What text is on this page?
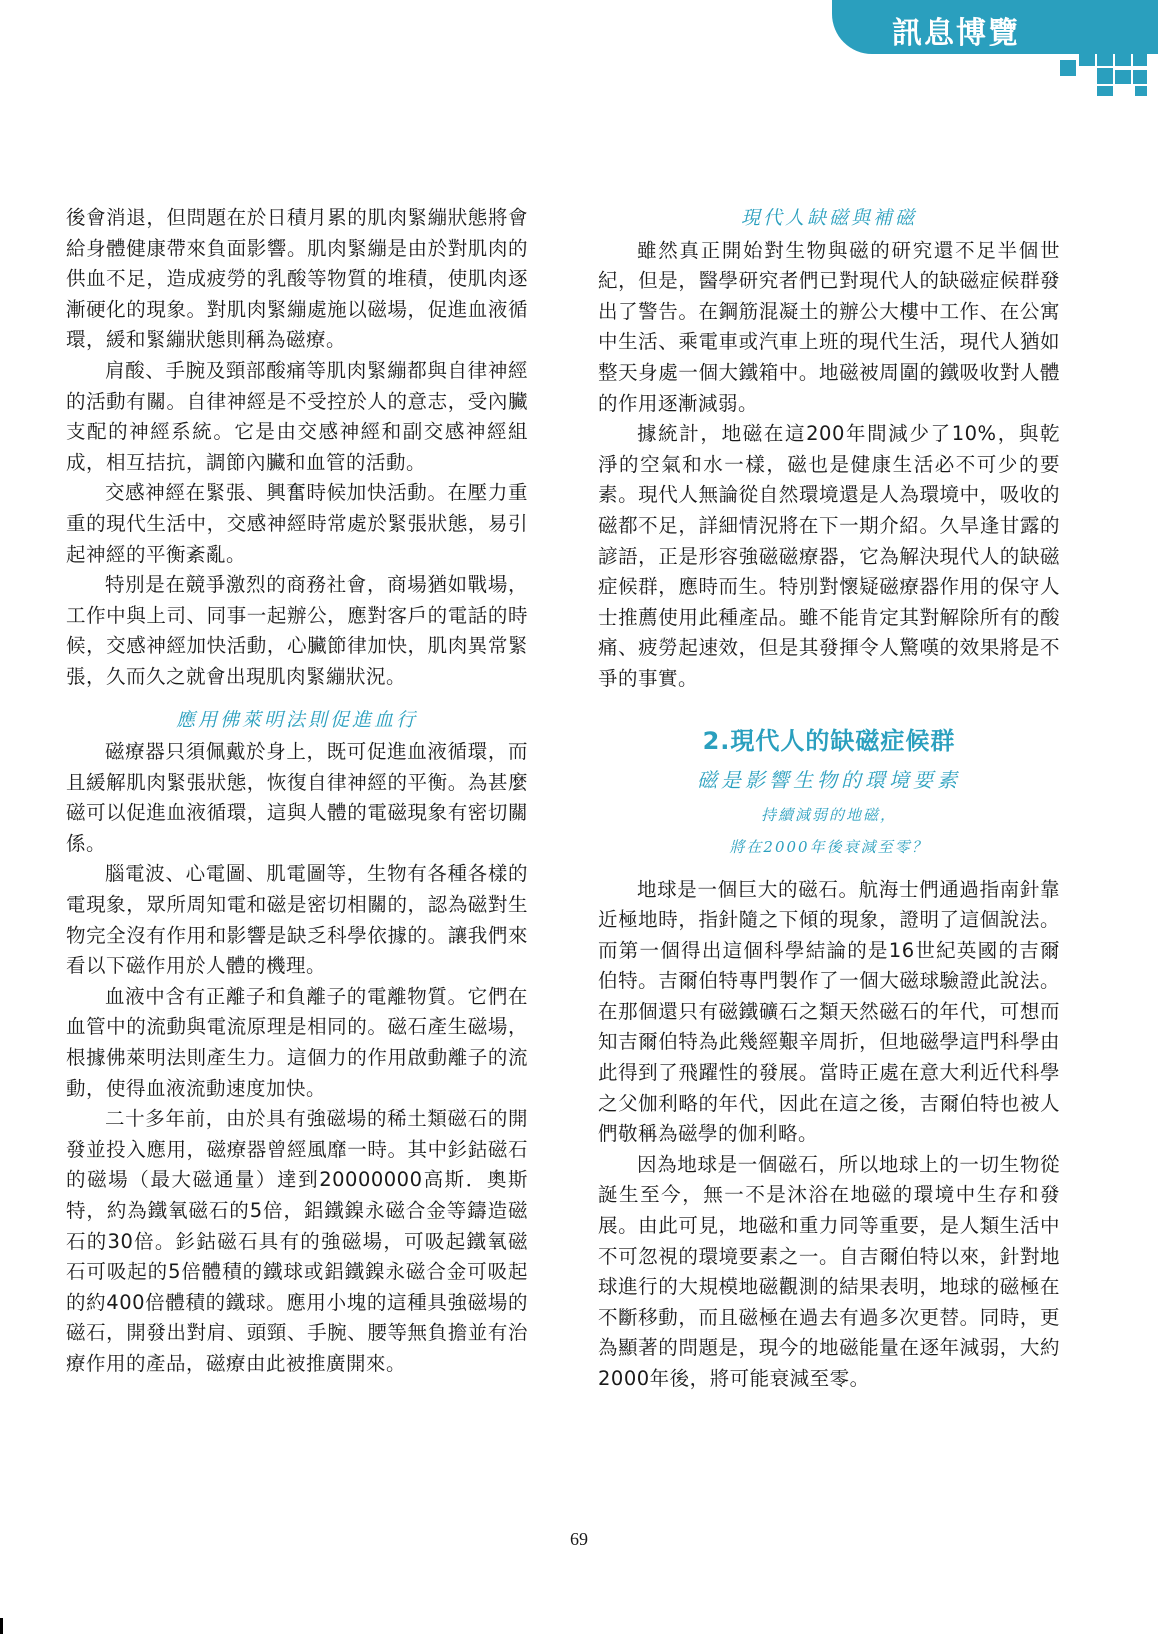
訊息博覽

後會消退，但問題在於日積月累的肌肉緊繃狀態將會給身體健康帶來負面影響。肌肉緊繃是由於對肌肉的供血不足，造成疲勞的乳酸等物質的堆積，使肌肉逐漸硬化的現象。對肌肉緊繃處施以磁場，促進血液循環，緩和緊繃狀態則稱為磁療。

肩酸、手腕及頸部酸痛等肌肉緊繃都與自律神經的活動有關。自律神經是不受控於人的意志，受內臟支配的神經系統。它是由交感神經和副交感神經組成，相互拮抗，調節內臟和血管的活動。

交感神經在緊張、興奮時候加快活動。在壓力重重的現代生活中，交感神經時常處於緊張狀態，易引起神經的平衡紊亂。

特別是在競爭激烈的商務社會，商場猶如戰場，工作中與上司、同事一起辦公，應對客戶的電話的時候，交感神經加快活動，心臟節律加快，肌肉異常緊張，久而久之就會出現肌肉緊繃狀況。

應用佛萊明法則促進血行

磁療器只須佩戴於身上，既可促進血液循環，而且緩解肌肉緊張狀態，恢復自律神經的平衡。為甚麼磁可以促進血液循環，這與人體的電磁現象有密切關係。

腦電波、心電圖、肌電圖等，生物有各種各樣的電現象，眾所周知電和磁是密切相關的，認為磁對生物完全沒有作用和影響是缺乏科學依據的。讓我們來看以下磁作用於人體的機理。

血液中含有正離子和負離子的電離物質。它們在血管中的流動與電流原理是相同的。磁石產生磁場，根據佛萊明法則產生力。這個力的作用啟動離子的流動，使得血液流動速度加快。

二十多年前，由於具有強磁場的稀土類磁石的開發並投入應用，磁療器曾經風靡一時。其中釤鈷磁石的磁場（最大磁通量）達到20000000高斯．奧斯特，約為鐵氧磁石的5倍，鋁鐵鎳永磁合金等鑄造磁石的30倍。釤鈷磁石具有的強磁場，可吸起鐵氧磁石可吸起的5倍體積的鐵球或鋁鐵鎳永磁合金可吸起的約400倍體積的鐵球。應用小塊的這種具強磁場的磁石，開發出對肩、頭頸、手腕、腰等無負擔並有治療作用的產品，磁療由此被推廣開來。

現代人缺磁與補磁

雖然真正開始對生物與磁的研究還不足半個世紀，但是，醫學研究者們已對現代人的缺磁症候群發出了警告。在鋼筋混凝土的辦公大樓中工作、在公寓中生活、乘電車或汽車上班的現代生活，現代人猶如整天身處一個大鐵箱中。地磁被周圍的鐵吸收對人體的作用逐漸減弱。

據統計，地磁在這200年間減少了10%，與乾淨的空氣和水一樣，磁也是健康生活必不可少的要素。現代人無論從自然環境還是人為環境中，吸收的磁都不足，詳細情況將在下一期介紹。久旱逢甘露的諺語，正是形容強磁磁療器，它為解決現代人的缺磁症候群，應時而生。特別對懷疑磁療器作用的保守人士推薦使用此種產品。雖不能肯定其對解除所有的酸痛、疲勞起速效，但是其發揮令人驚嘆的效果將是不爭的事實。

2.現代人的缺磁症候群
磁是影響生物的環境要素
持續減弱的地磁，
將在2000年後衰減至零？

地球是一個巨大的磁石。航海士們通過指南針靠近極地時，指針隨之下傾的現象，證明了這個說法。而第一個得出這個科學結論的是16世紀英國的吉爾伯特。吉爾伯特專門製作了一個大磁球驗證此說法。在那個還只有磁鐵礦石之類天然磁石的年代，可想而知吉爾伯特為此幾經艱辛周折，但地磁學這門科學由此得到了飛躍性的發展。當時正處在意大利近代科學之父伽利略的年代，因此在這之後，吉爾伯特也被人們敬稱為磁學的伽利略。

因為地球是一個磁石，所以地球上的一切生物從誕生至今，無一不是沐浴在地磁的環境中生存和發展。由此可見，地磁和重力同等重要，是人類生活中不可忽視的環境要素之一。自吉爾伯特以來，針對地球進行的大規模地磁觀測的結果表明，地球的磁極在不斷移動，而且磁極在過去有過多次更替。同時，更為顯著的問題是，現今的地磁能量在逐年減弱，大約2000年後，將可能衰減至零。

69
